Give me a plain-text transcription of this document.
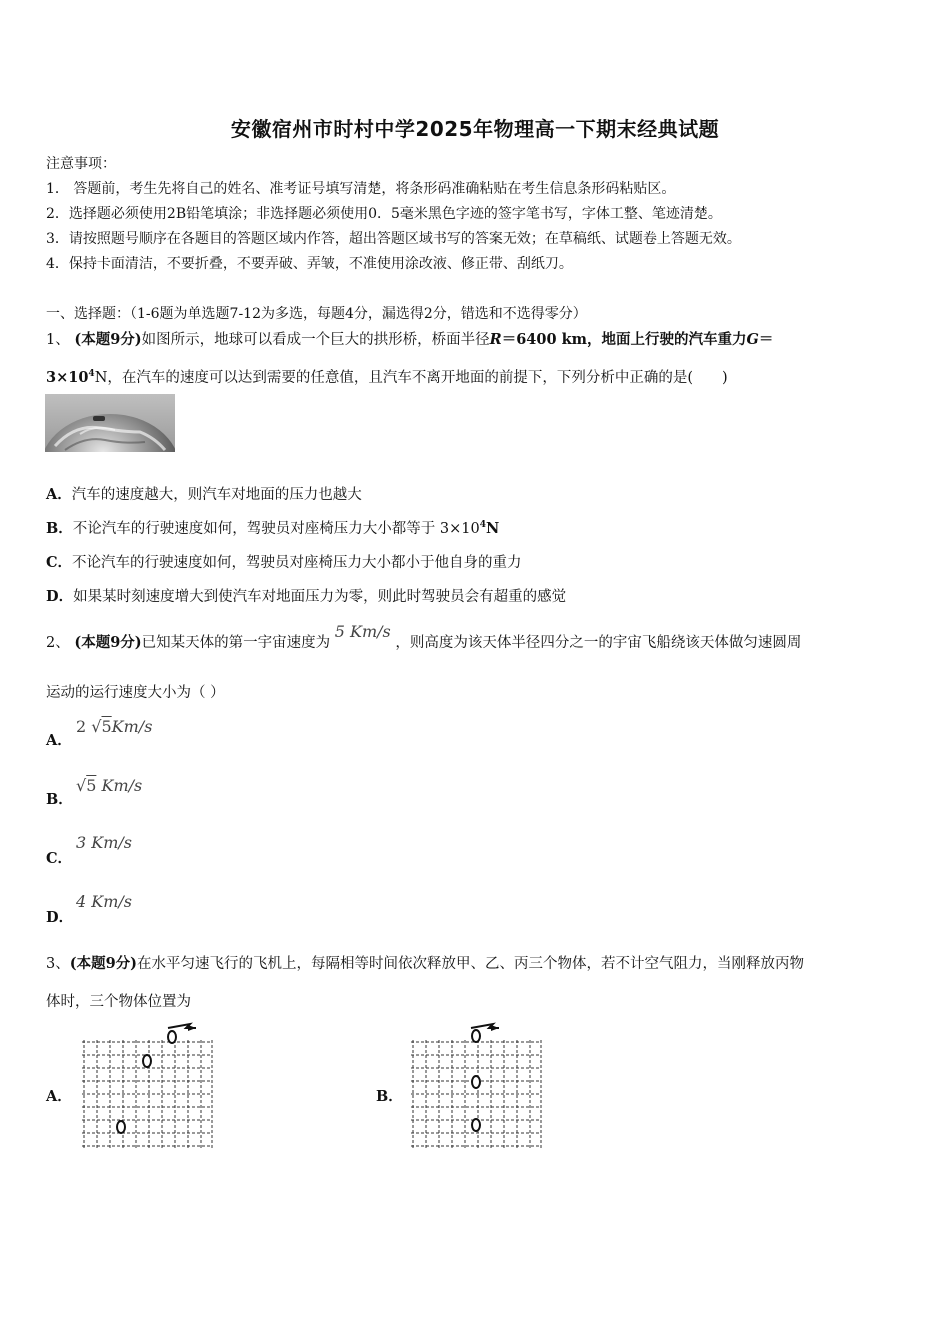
安徽宿州市时村中学2025年物理高一下期末经典试题
注意事项：
1． 答题前，考生先将自己的姓名、准考证号填写清楚，将条形码准确粘贴在考生信息条形码粘贴区。
2．选择题必须使用2B铅笔填涂；非选择题必须使用0．5毫米黑色字迹的签字笔书写，字体工整、笔迹清楚。
3．请按照题号顺序在各题目的答题区域内作答，超出答题区域书写的答案无效；在草稿纸、试题卷上答题无效。
4．保持卡面清洁，不要折叠，不要弄破、弄皱，不准使用涂改液、修正带、刮纸刀。
一、选择题：（1-6题为单选题7-12为多选，每题4分，漏选得2分，错选和不选得零分）
1、 (本题9分)如图所示，地球可以看成一个巨大的拱形桥，桥面半径R＝6400 km，地面上行驶的汽车重力G＝
$3\times 10^4N$，在汽车的速度可以达到需要的任意值，且汽车不离开地面的前提下，下列分析中正确的是(　　)
A．汽车的速度越大，则汽车对地面的压力也越大
B．不论汽车的行驶速度如何，驾驶员对座椅压力大小都等于 $3\times 10^4N$
C．不论汽车的行驶速度如何，驾驶员对座椅压力大小都小于他自身的重力
D．如果某时刻速度增大到使汽车对地面压力为零，则此时驾驶员会有超重的感觉
2、 (本题9分)已知某天体的第一宇宙速度为 5 Km/s ，则高度为该天体半径四分之一的宇宙飞船绕该天体做匀速圆周
运动的运行速度大小为（ ）
A．
2 √5Km/s
B．
√5 Km/s
C．
3 Km/s
D．
4 Km/s
3、(本题9分)在水平匀速飞行的飞机上，每隔相等时间依次释放甲、乙、丙三个物体，若不计空气阻力，当刚释放丙物
体时，三个物体位置为
A．	B．
